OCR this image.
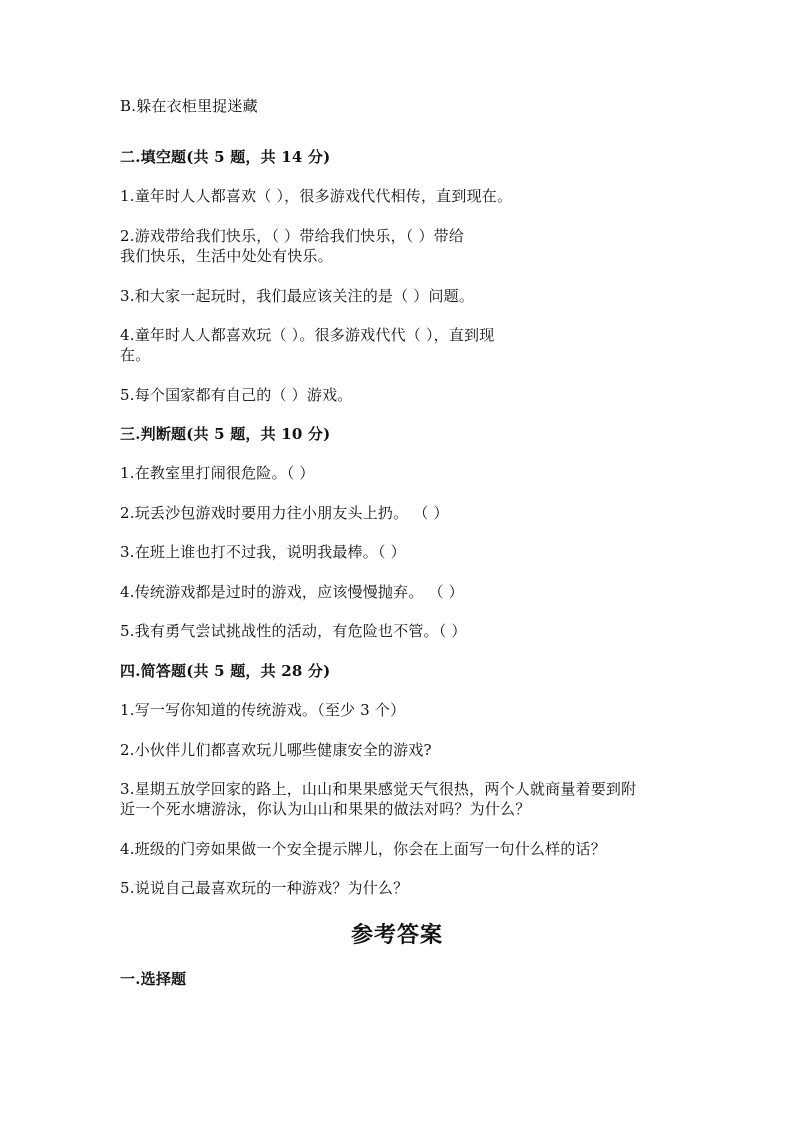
B.躲在衣柜里捉迷藏
二.填空题(共 5 题，共 14 分)
1.童年时人人都喜欢（ ），很多游戏代代相传，直到现在。
2.游戏带给我们快乐，（ ）带给我们快乐，（ ）带给
我们快乐，生活中处处有快乐。
3.和大家一起玩时，我们最应该关注的是（ ）问题。
4.童年时人人都喜欢玩（ ）。很多游戏代代（ ），直到现
在。
5.每个国家都有自己的（ ）游戏。
三.判断题(共 5 题，共 10 分)
1.在教室里打闹很危险。（ ）
2.玩丢沙包游戏时要用力往小朋友头上扔。 （ ）
3.在班上谁也打不过我，说明我最棒。（ ）
4.传统游戏都是过时的游戏，应该慢慢抛弃。 （ ）
5.我有勇气尝试挑战性的活动，有危险也不管。（ ）
四.简答题(共 5 题，共 28 分)
1.写一写你知道的传统游戏。（至少 3 个）
2.小伙伴儿们都喜欢玩儿哪些健康安全的游戏?
3.星期五放学回家的路上，山山和果果感觉天气很热，两个人就商量着要到附
近一个死水塘游泳，你认为山山和果果的做法对吗？为什么？
4.班级的门旁如果做一个安全提示牌儿，你会在上面写一句什么样的话？
5.说说自己最喜欢玩的一种游戏？为什么？
参考答案
一.选择题
